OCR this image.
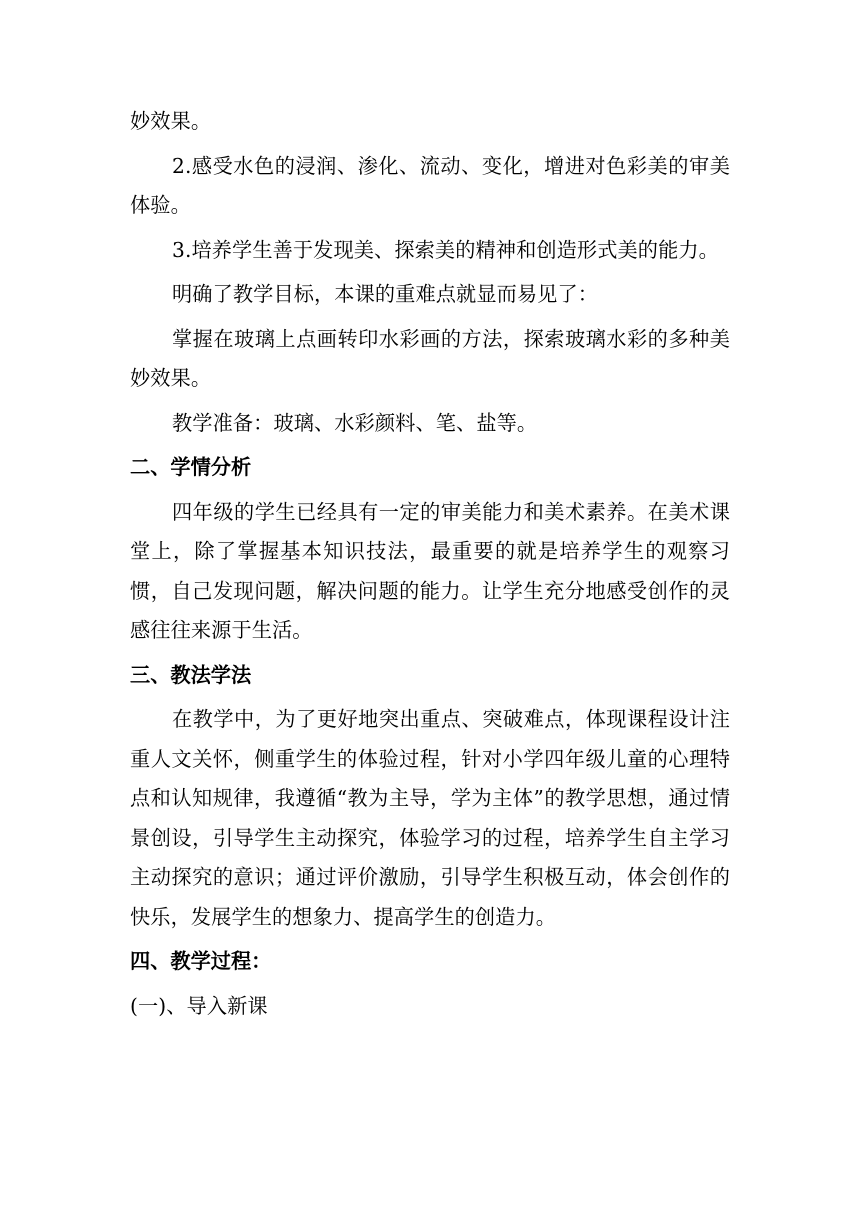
妙效果。

2.感受水色的浸润、渗化、流动、变化，增进对色彩美的审美体验。

3.培养学生善于发现美、探索美的精神和创造形式美的能力。

明确了教学目标，本课的重难点就显而易见了：

掌握在玻璃上点画转印水彩画的方法，探索玻璃水彩的多种美妙效果。

教学准备：玻璃、水彩颜料、笔、盐等。

二、学情分析

四年级的学生已经具有一定的审美能力和美术素养。在美术课堂上，除了掌握基本知识技法，最重要的就是培养学生的观察习惯，自己发现问题，解决问题的能力。让学生充分地感受创作的灵感往往来源于生活。

三、教法学法

在教学中，为了更好地突出重点、突破难点，体现课程设计注重人文关怀，侧重学生的体验过程，针对小学四年级儿童的心理特点和认知规律，我遵循“教为主导，学为主体”的教学思想，通过情景创设，引导学生主动探究，体验学习的过程，培养学生自主学习主动探究的意识；通过评价激励，引导学生积极互动，体会创作的快乐，发展学生的想象力、提高学生的创造力。

四、教学过程：

(一)、导入新课
